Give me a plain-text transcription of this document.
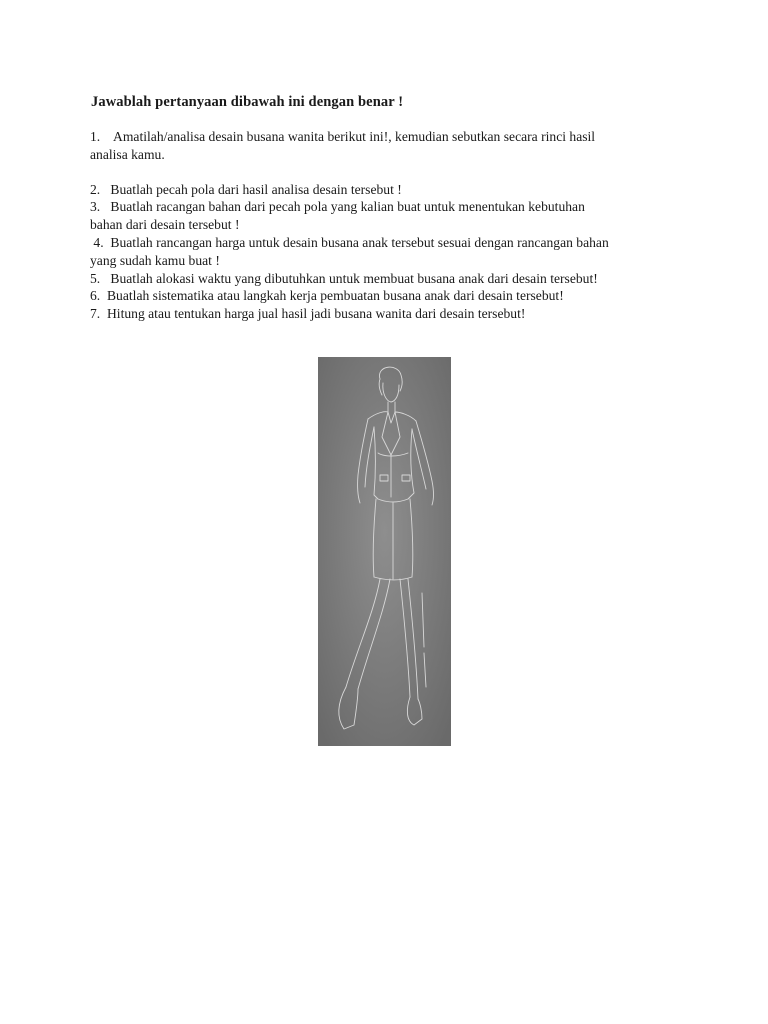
Jawablah pertanyaan dibawah ini dengan benar !
1.    Amatilah/analisa desain busana wanita berikut ini!, kemudian sebutkan secara rinci hasil
analisa kamu.
2.   Buatlah pecah pola dari hasil analisa desain tersebut !
3.   Buatlah racangan bahan dari pecah pola yang kalian buat untuk menentukan kebutuhan
bahan dari desain tersebut !
4.  Buatlah rancangan harga untuk desain busana anak tersebut sesuai dengan rancangan bahan
yang sudah kamu buat !
5.   Buatlah alokasi waktu yang dibutuhkan untuk membuat busana anak dari desain tersebut!
6.  Buatlah sistematika atau langkah kerja pembuatan busana anak dari desain tersebut!
7.  Hitung atau tentukan harga jual hasil jadi busana wanita dari desain tersebut!
